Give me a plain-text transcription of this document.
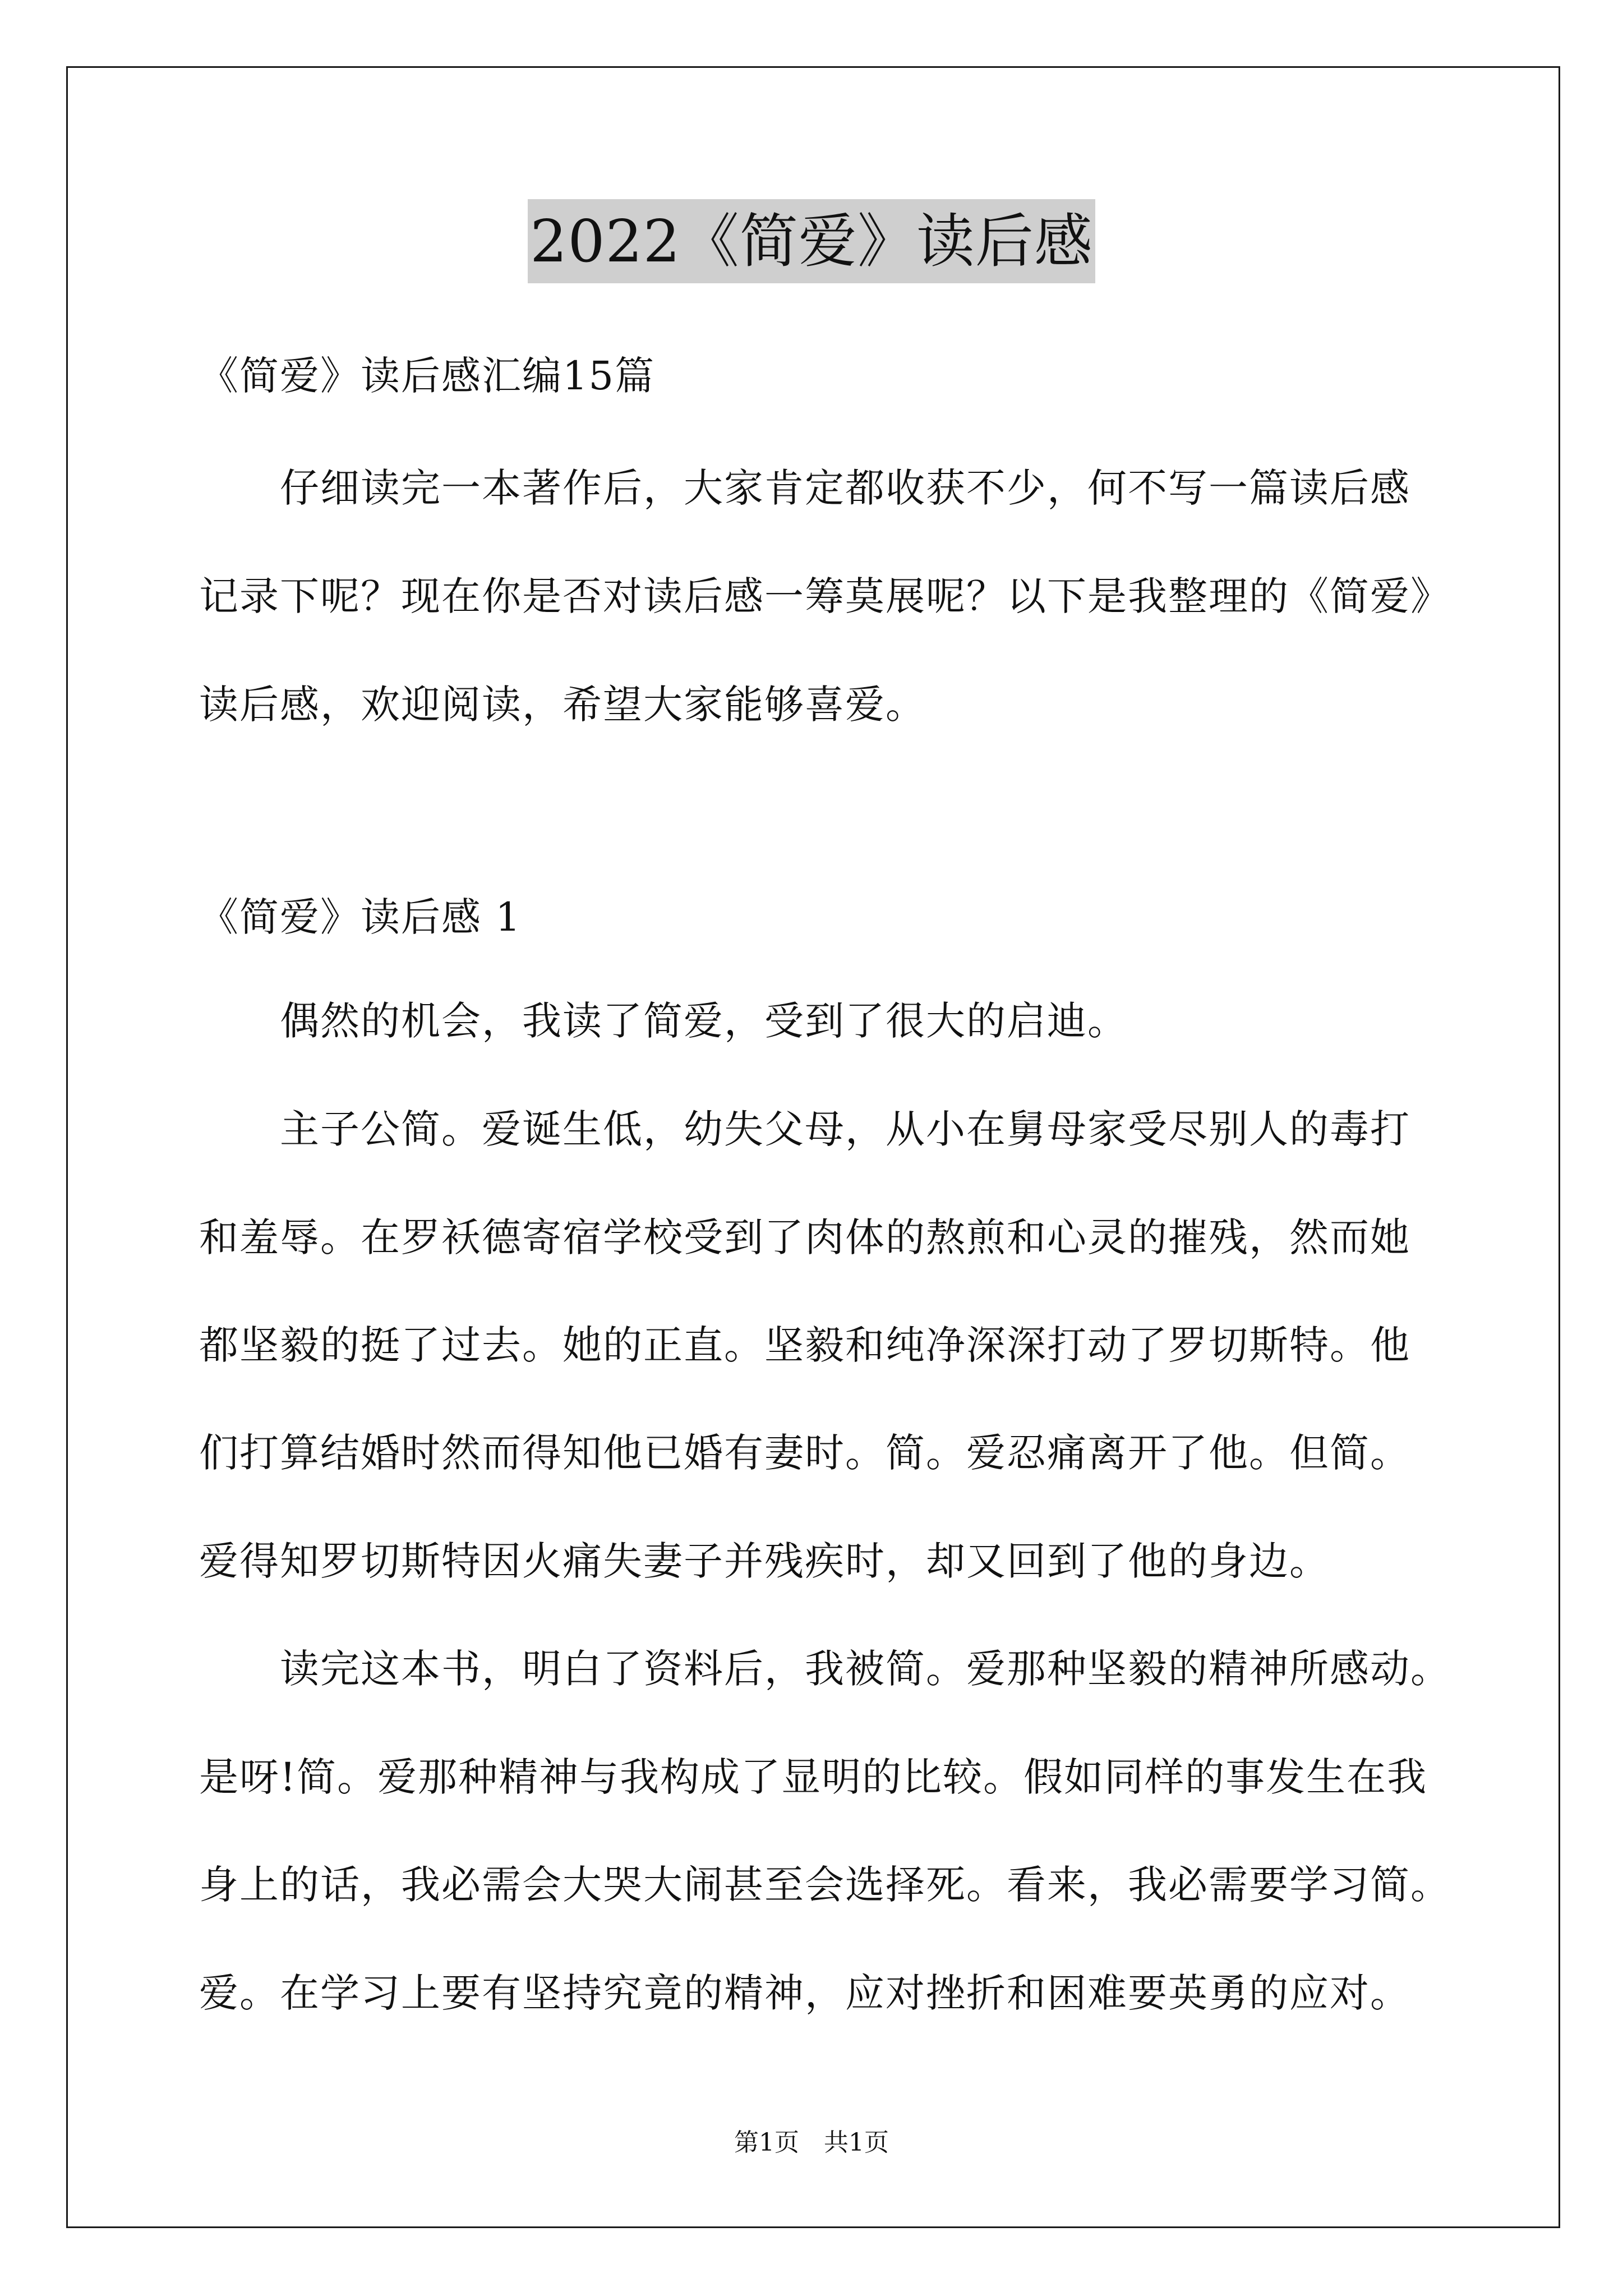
2022《简爱》读后感
《简爱》读后感汇编15篇
　　仔细读完一本著作后，大家肯定都收获不少，何不写一篇读后感
记录下呢？现在你是否对读后感一筹莫展呢？以下是我整理的《简爱》
读后感，欢迎阅读，希望大家能够喜爱。
《简爱》读后感 1
　　偶然的机会，我读了简爱，受到了很大的启迪。
　　主子公简。爱诞生低，幼失父母，从小在舅母家受尽别人的毒打
和羞辱。在罗袄德寄宿学校受到了肉体的熬煎和心灵的摧残，然而她
都坚毅的挺了过去。她的正直。坚毅和纯净深深打动了罗切斯特。他
们打算结婚时然而得知他已婚有妻时。简。爱忍痛离开了他。但简。
爱得知罗切斯特因火痛失妻子并残疾时，却又回到了他的身边。
　　读完这本书，明白了资料后，我被简。爱那种坚毅的精神所感动。
是呀!简。爱那种精神与我构成了显明的比较。假如同样的事发生在我
身上的话，我必需会大哭大闹甚至会选择死。看来，我必需要学习简。
爱。在学习上要有坚持究竟的精神，应对挫折和困难要英勇的应对。
第1页　共1页
